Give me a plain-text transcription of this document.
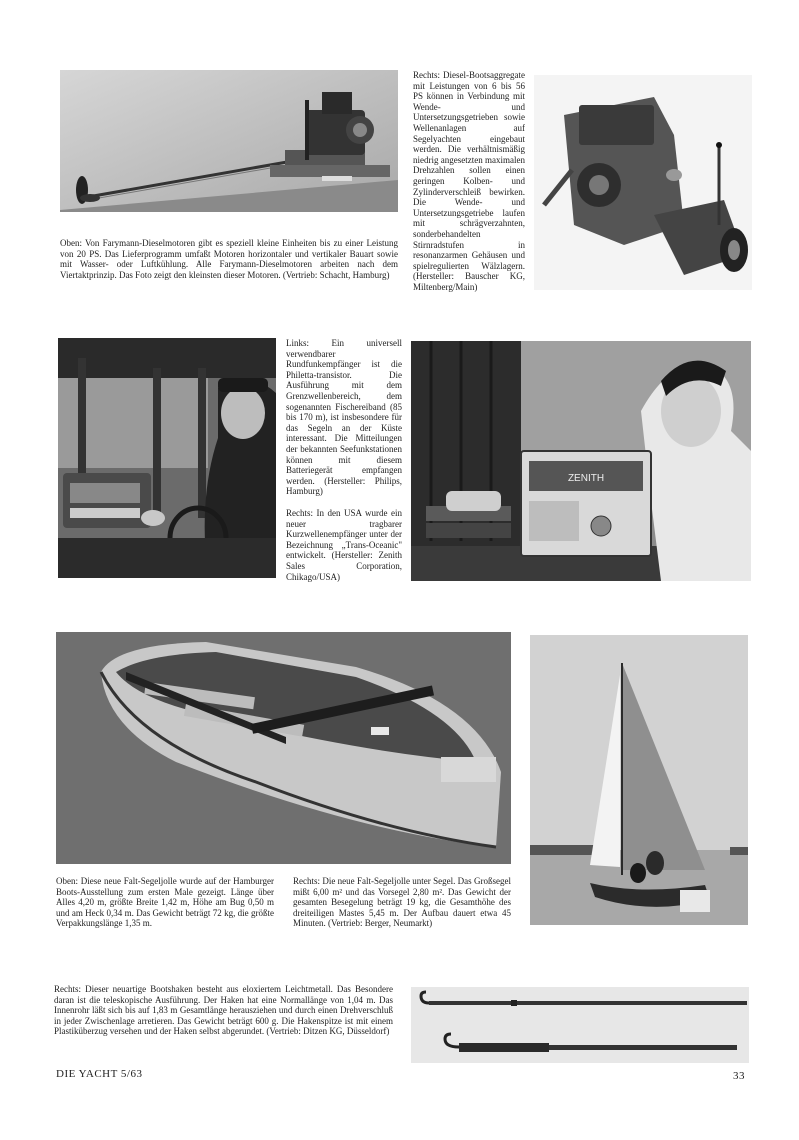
Oben: Von Farymann-Dieselmotoren gibt es speziell kleine Einheiten bis zu einer Leistung von 20 PS. Das Lieferprogramm umfaßt Motoren horizontaler und vertikaler Bauart sowie mit Wasser- oder Luftkühlung. Alle Farymann-Dieselmotoren arbeiten nach dem Viertaktprinzip. Das Foto zeigt den kleinsten dieser Motoren. (Vertrieb: Schacht, Hamburg)

Rechts: Diesel-Bootsaggregate mit Leistungen von 6 bis 56 PS können in Verbindung mit Wende- und Untersetzungsgetrieben sowie Wellenanlagen auf Segelyachten eingebaut werden. Die verhältnismäßig niedrig angesetzten maximalen Drehzahlen sollen einen geringen Kolben- und Zylinderverschleiß bewirken. Die Wende- und Untersetzungsgetriebe laufen mit schrägverzahnten, sonderbehandelten Stirnradstufen in resonanzarmen Gehäusen und spielregulierten Wälzlagern. (Hersteller: Bauscher KG, Miltenberg/Main)

Links: Ein universell verwendbarer Rundfunkempfänger ist die Philetta-transistor. Die Ausführung mit dem Grenzwellenbereich, dem sogenannten Fischereiband (85 bis 170 m), ist insbesondere für das Segeln an der Küste interessant. Die Mitteilungen der bekannten Seefunkstationen können mit diesem Batteriegerät empfangen werden. (Hersteller: Philips, Hamburg)

Rechts: In den USA wurde ein neuer tragbarer Kurzwellenempfänger unter der Bezeichnung „Trans-Oceanic" entwickelt. (Hersteller: Zenith Sales Corporation, Chikago/USA)

ZENITH

Oben: Diese neue Falt-Segeljolle wurde auf der Hamburger Boots-Ausstellung zum ersten Male gezeigt. Länge über Alles 4,20 m, größte Breite 1,42 m, Höhe am Bug 0,50 m und am Heck 0,34 m. Das Gewicht beträgt 72 kg, die größte Verpakkungslänge 1,35 m.

Rechts: Die neue Falt-Segeljolle unter Segel. Das Großsegel mißt 6,00 m² und das Vorsegel 2,80 m². Das Gewicht der gesamten Besegelung beträgt 19 kg, die Gesamthöhe des dreiteiligen Mastes 5,45 m. Der Aufbau dauert etwa 45 Minuten. (Vertrieb: Berger, Neumarkt)

Rechts: Dieser neuartige Bootshaken besteht aus eloxiertem Leichtmetall. Das Besondere daran ist die teleskopische Ausführung. Der Haken hat eine Normallänge von 1,04 m. Das Innenrohr läßt sich bis auf 1,83 m Gesamtlänge herausziehen und durch einen Drehverschluß in jeder Zwischenlage arretieren. Das Gewicht beträgt 600 g. Die Hakenspitze ist mit einem Plastiküberzug versehen und der Haken selbst abgerundet. (Vertrieb: Ditzen KG, Düsseldorf)

DIE YACHT 5/63	33
